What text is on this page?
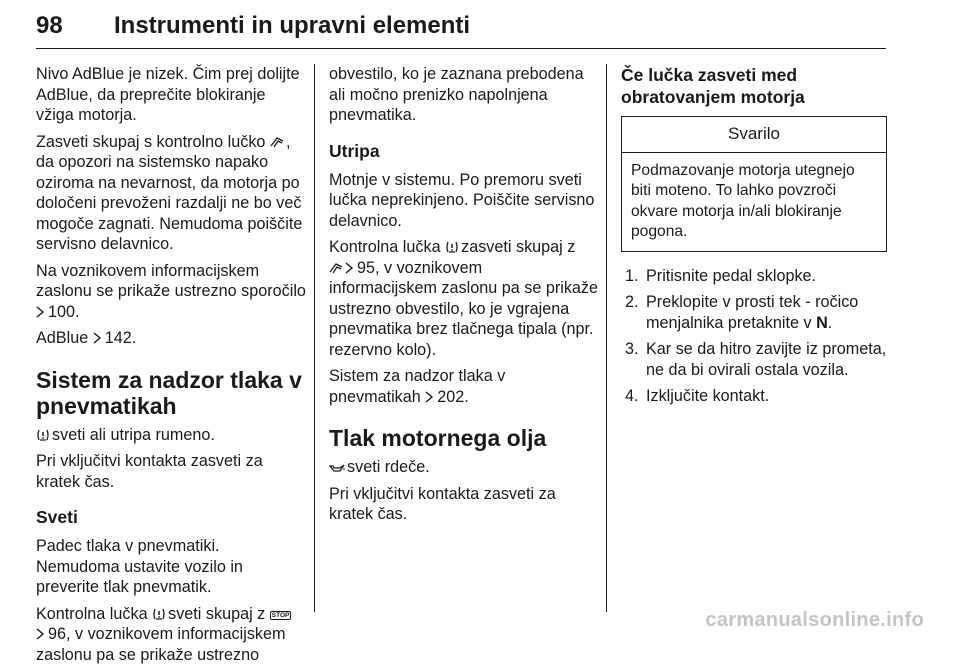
98 Instrumenti in upravni elementi

Nivo AdBlue je nizek. Čim prej dolijte
AdBlue, da preprečite blokiranje
vžiga motorja.

Zasveti skupaj s kontrolno lučko ,
da opozori na sistemsko napako
oziroma na nevarnost, da motorja po
določeni prevoženi razdalji ne bo več
mogoče zagnati. Nemudoma poiščite
servisno delavnico.

Na voznikovem informacijskem
zaslonu se prikaže ustrezno sporočilo
100.

AdBlue 142.

Sistem za nadzor tlaka v
pnevmatikah

sveti ali utripa rumeno.

Pri vključitvi kontakta zasveti za
kratek čas.

Sveti

Padec tlaka v pnevmatiki.
Nemudoma ustavite vozilo in
preverite tlak pnevmatik.

Kontrolna lučka sveti skupaj z STOP
96, v voznikovem informacijskem
zaslonu pa se prikaže ustrezno

obvestilo, ko je zaznana prebodena
ali močno prenizko napolnjena
pnevmatika.

Utripa

Motnje v sistemu. Po premoru sveti
lučka neprekinjeno. Poiščite servisno
delavnico.

Kontrolna lučka zasveti skupaj z
95, v voznikovem
informacijskem zaslonu pa se prikaže
ustrezno obvestilo, ko je vgrajena
pnevmatika brez tlačnega tipala (npr.
rezervno kolo).

Sistem za nadzor tlaka v
pnevmatikah 202.

Tlak motornega olja

sveti rdeče.

Pri vključitvi kontakta zasveti za
kratek čas.

Če lučka zasveti med
obratovanjem motorja
Svarilo
Podmazovanje motorja utegnejo
biti moteno. To lahko povzroči
okvare motorja in/ali blokiranje
pogona.
1. Pritisnite pedal sklopke.
2. Preklopite v prosti tek - ročico
menjalnika pretaknite v N.
3. Kar se da hitro zavijte iz prometa,
ne da bi ovirali ostala vozila.
4. Izključite kontakt.
carmanualsonline.info
